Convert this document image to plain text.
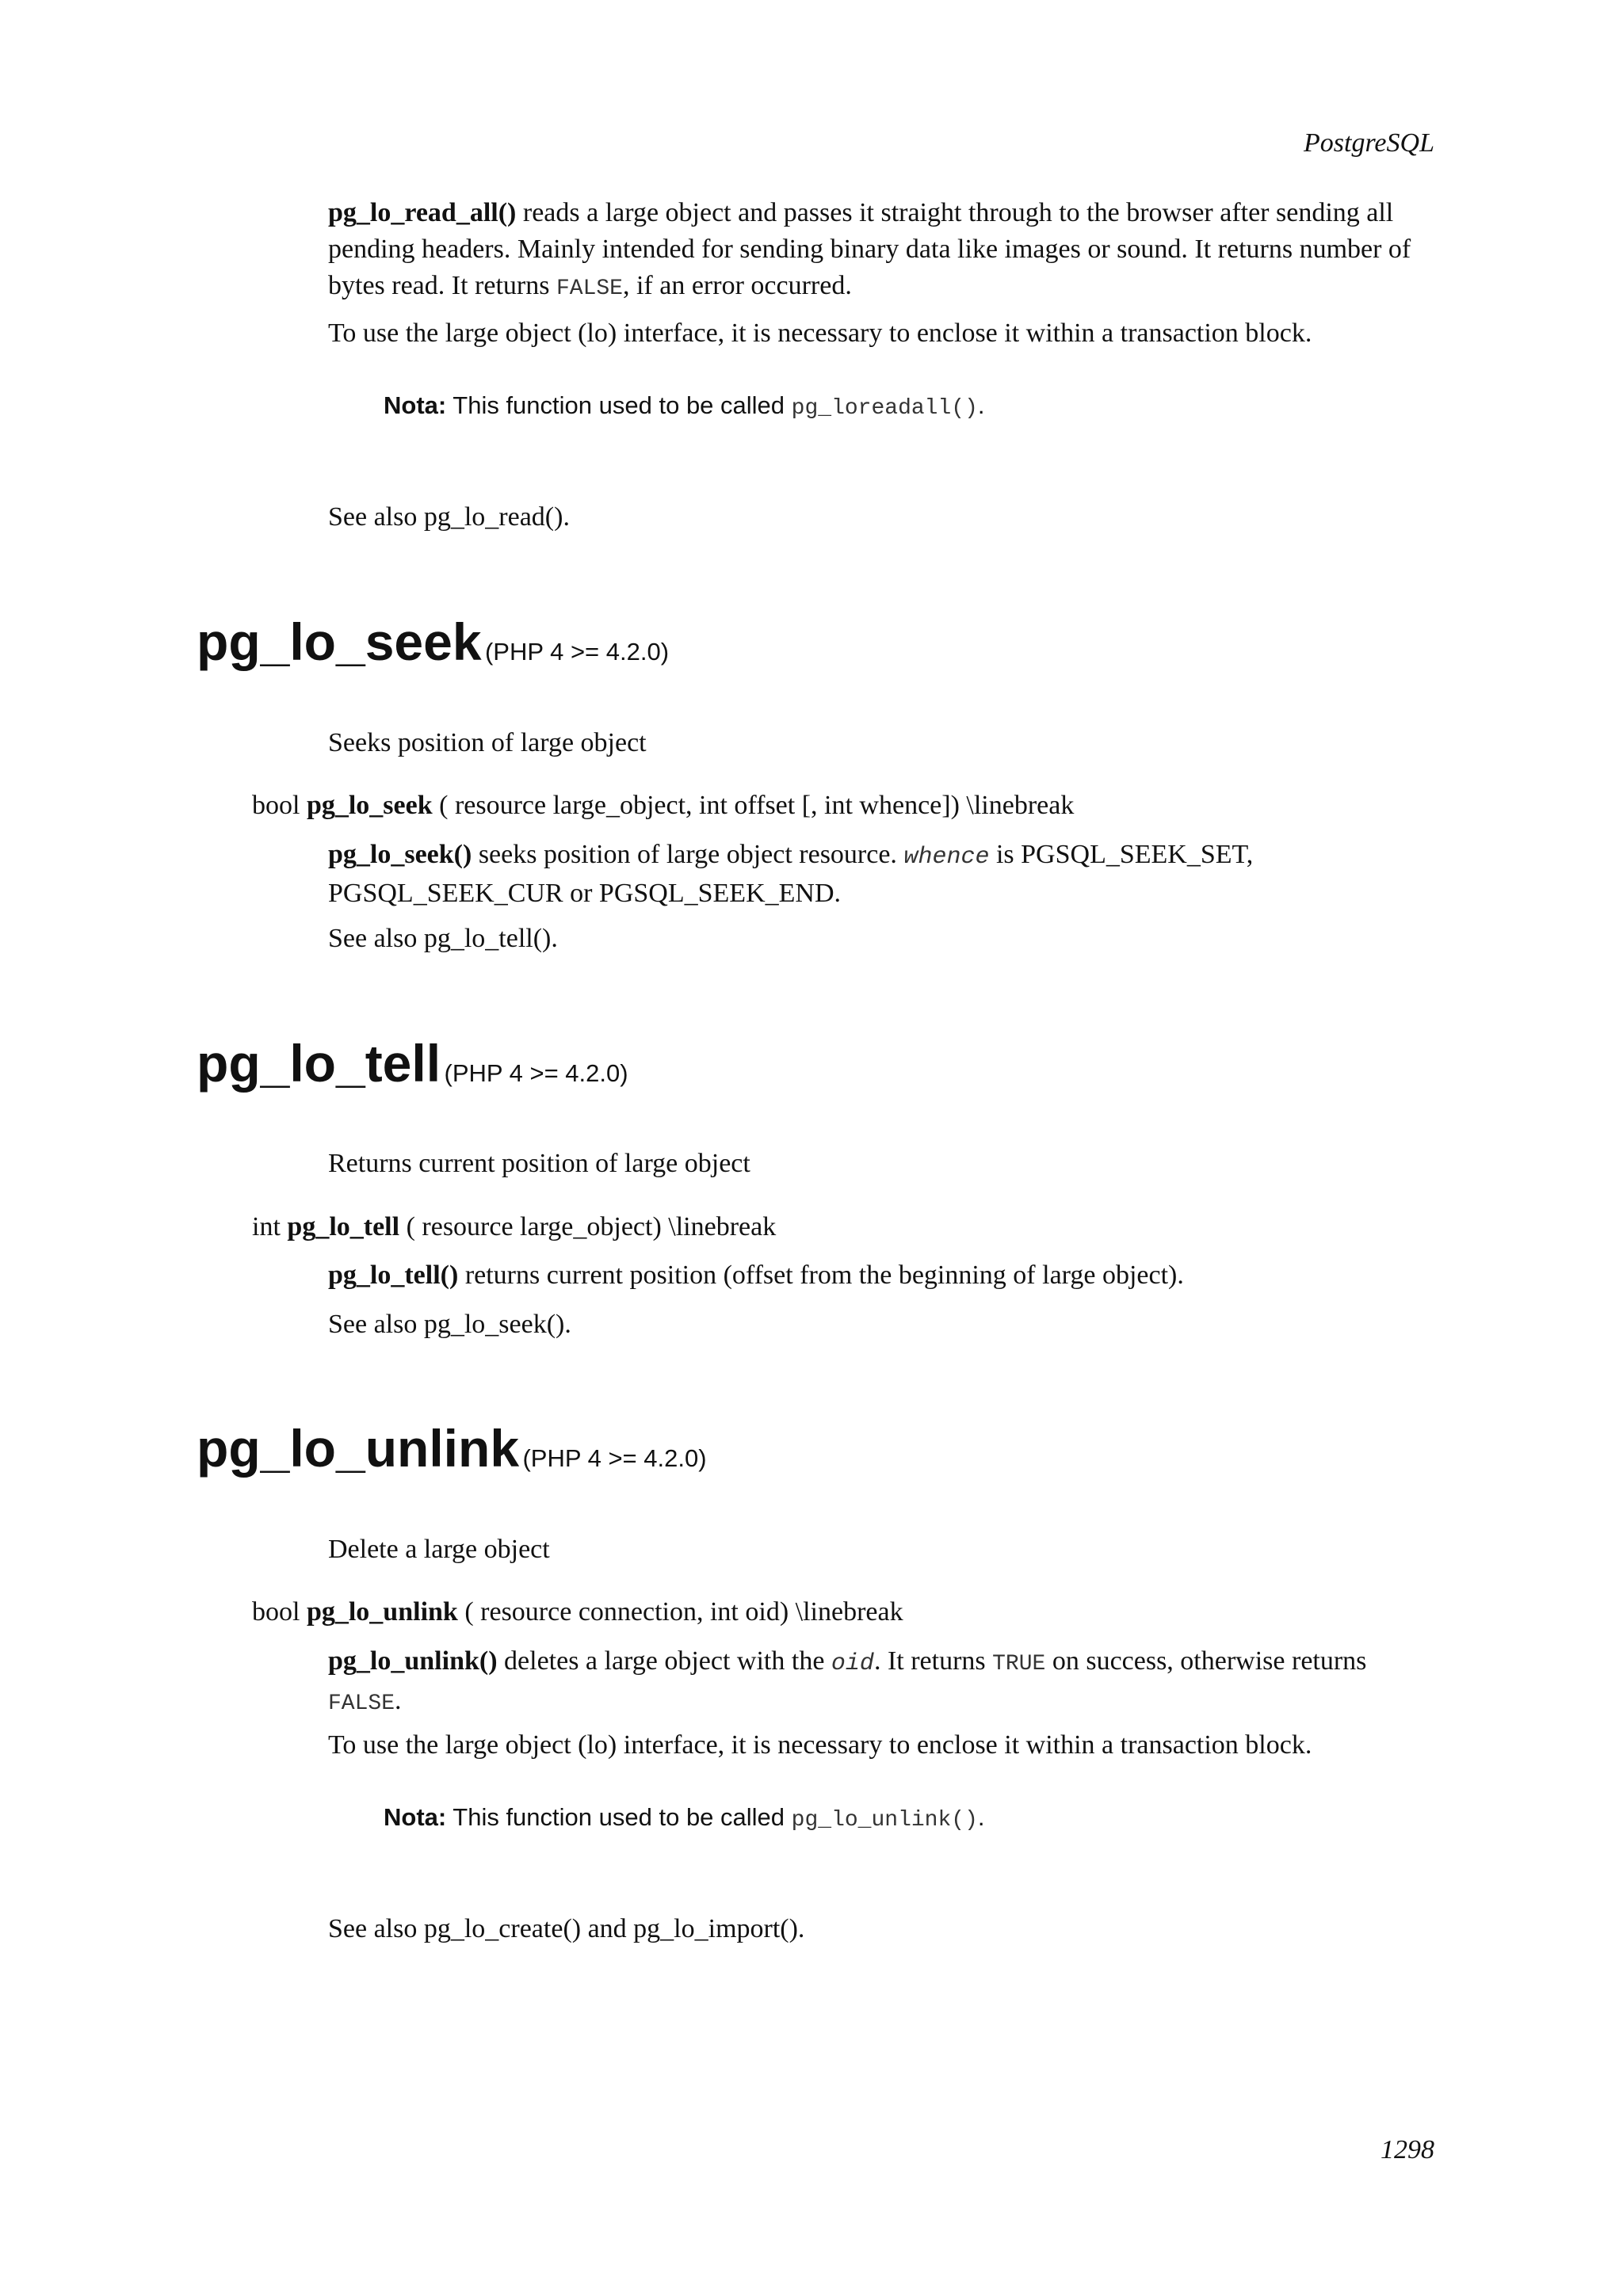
PostgreSQL

pg_lo_read_all() reads a large object and passes it straight through to the browser after sending all pending headers. Mainly intended for sending binary data like images or sound. It returns number of bytes read. It returns FALSE, if an error occurred.

To use the large object (lo) interface, it is necessary to enclose it within a transaction block.
Nota: This function used to be called pg_loreadall().
See also pg_lo_read().
pg_lo_seek (PHP 4 >= 4.2.0)
Seeks position of large object
bool pg_lo_seek ( resource large_object, int offset [, int whence]) \linebreak

pg_lo_seek() seeks position of large object resource. whence is PGSQL_SEEK_SET, PGSQL_SEEK_CUR or PGSQL_SEEK_END.

See also pg_lo_tell().
pg_lo_tell (PHP 4 >= 4.2.0)
Returns current position of large object
int pg_lo_tell ( resource large_object) \linebreak

pg_lo_tell() returns current position (offset from the beginning of large object).

See also pg_lo_seek().
pg_lo_unlink (PHP 4 >= 4.2.0)
Delete a large object
bool pg_lo_unlink ( resource connection, int oid) \linebreak

pg_lo_unlink() deletes a large object with the oid. It returns TRUE on success, otherwise returns FALSE.

To use the large object (lo) interface, it is necessary to enclose it within a transaction block.
Nota: This function used to be called pg_lo_unlink().
See also pg_lo_create() and pg_lo_import().
1298
